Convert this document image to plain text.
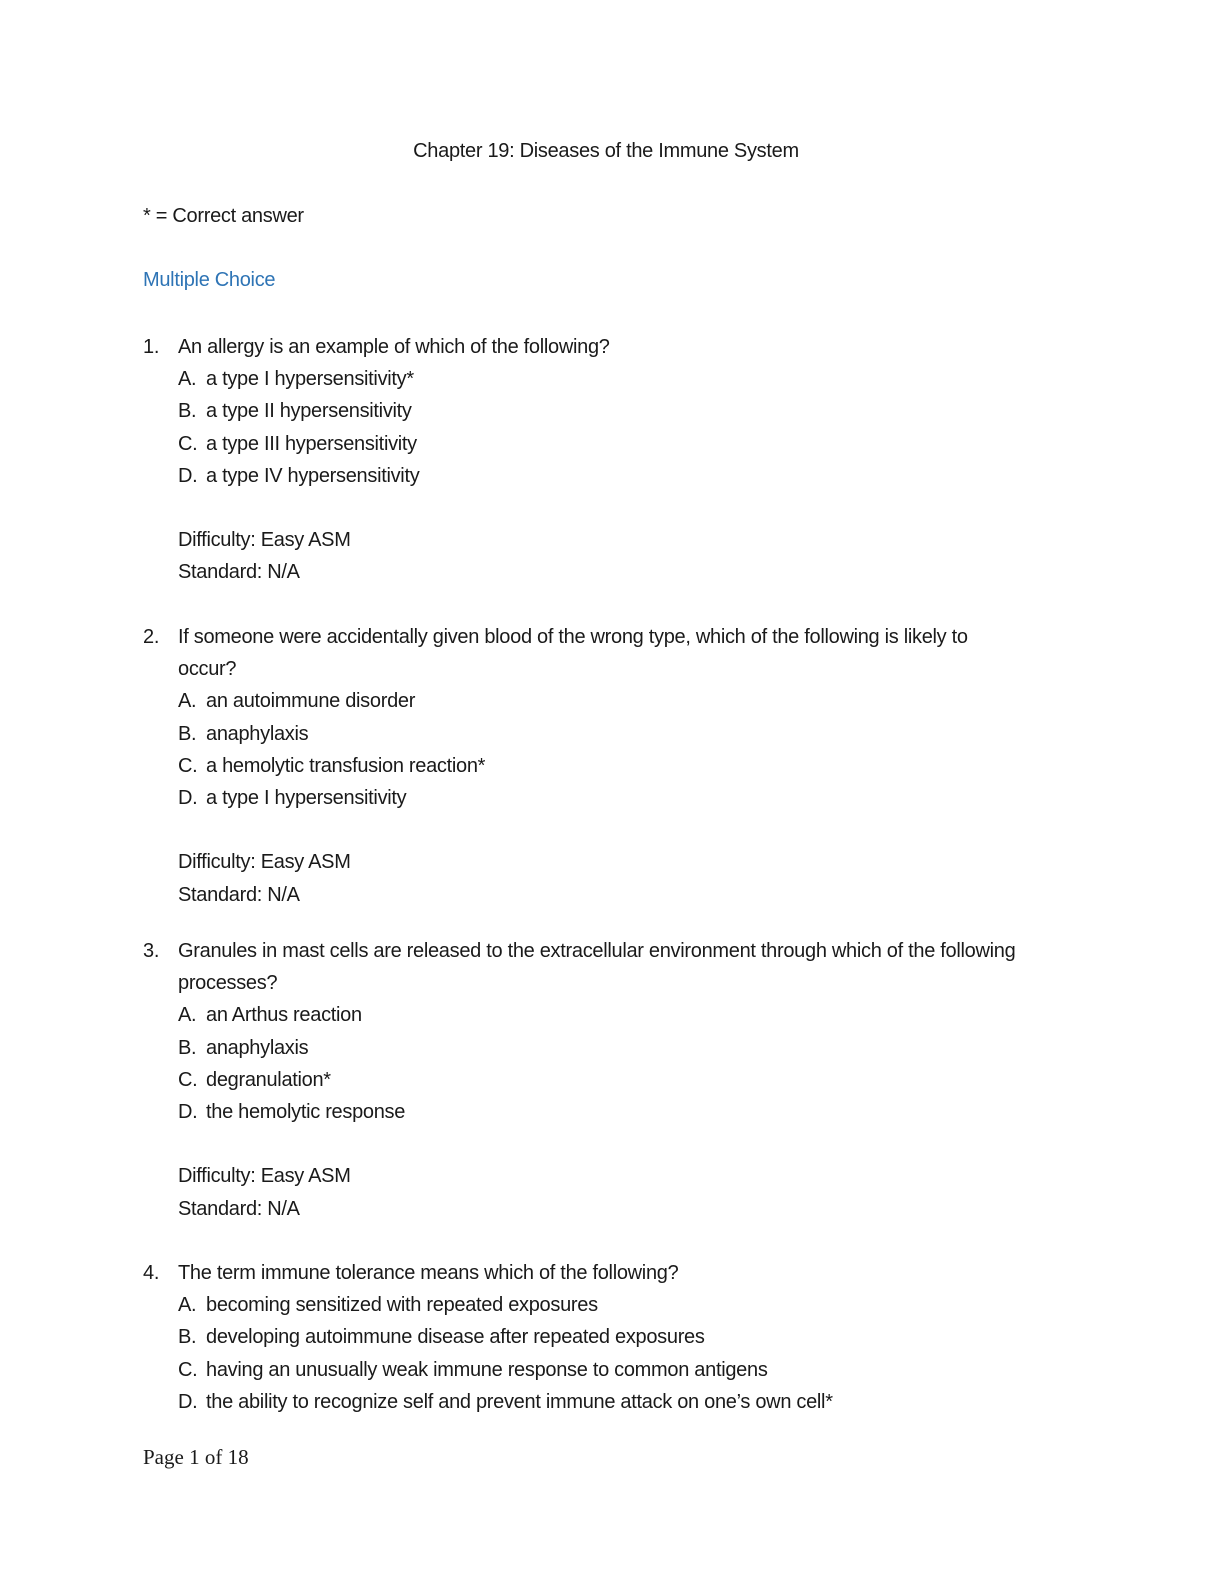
Chapter 19: Diseases of the Immune System
* = Correct answer
Multiple Choice
1. An allergy is an example of which of the following?
A. a type I hypersensitivity*
B. a type II hypersensitivity
C. a type III hypersensitivity
D. a type IV hypersensitivity
Difficulty: Easy ASM
Standard: N/A
2. If someone were accidentally given blood of the wrong type, which of the following is likely to occur?
A. an autoimmune disorder
B. anaphylaxis
C. a hemolytic transfusion reaction*
D. a type I hypersensitivity
Difficulty: Easy ASM
Standard: N/A
3. Granules in mast cells are released to the extracellular environment through which of the following processes?
A. an Arthus reaction
B. anaphylaxis
C. degranulation*
D. the hemolytic response
Difficulty: Easy ASM
Standard: N/A
4. The term immune tolerance means which of the following?
A. becoming sensitized with repeated exposures
B. developing autoimmune disease after repeated exposures
C. having an unusually weak immune response to common antigens
D. the ability to recognize self and prevent immune attack on one’s own cell*
Page 1 of 18
